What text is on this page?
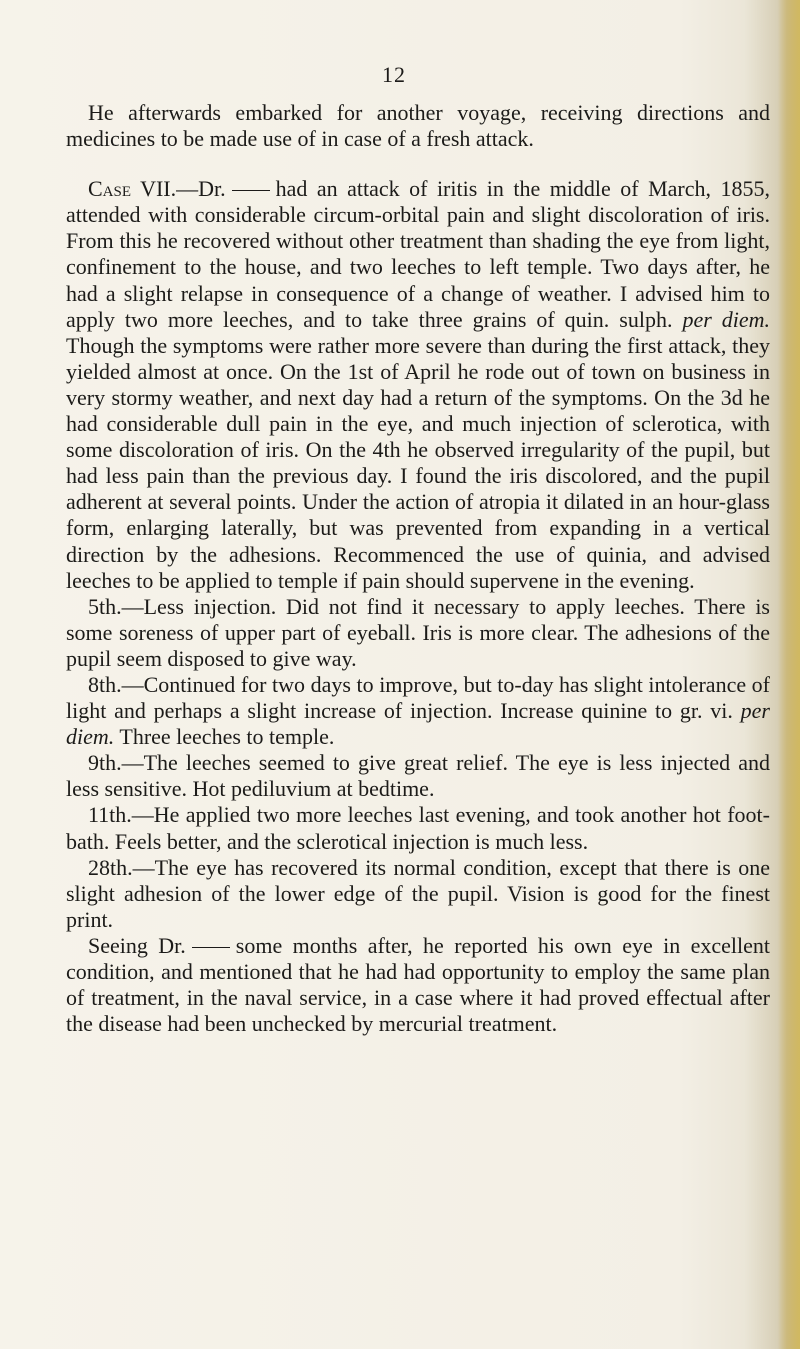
12

He afterwards embarked for another voyage, receiving directions and medicines to be made use of in case of a fresh attack.

Case VII.—Dr. had an attack of iritis in the middle of March, 1855, attended with considerable circum-orbital pain and slight discoloration of iris. From this he recovered without other treatment than shading the eye from light, confinement to the house, and two leeches to left temple. Two days after, he had a slight relapse in consequence of a change of weather. I advised him to apply two more leeches, and to take three grains of quin. sulph. per diem. Though the symptoms were rather more severe than during the first attack, they yielded almost at once. On the 1st of April he rode out of town on business in very stormy weather, and next day had a return of the symptoms. On the 3d he had considerable dull pain in the eye, and much injection of sclerotica, with some discoloration of iris. On the 4th he observed irregularity of the pupil, but had less pain than the previous day. I found the iris discolored, and the pupil adherent at several points. Under the action of atropia it dilated in an hour-glass form, enlarging laterally, but was prevented from expanding in a vertical direction by the adhesions. Recommenced the use of quinia, and advised leeches to be applied to temple if pain should supervene in the evening.

5th.—Less injection. Did not find it necessary to apply leeches. There is some soreness of upper part of eyeball. Iris is more clear. The adhesions of the pupil seem disposed to give way.

8th.—Continued for two days to improve, but to-day has slight intolerance of light and perhaps a slight increase of injection. Increase quinine to gr. vi. per diem. Three leeches to temple.

9th.—The leeches seemed to give great relief. The eye is less injected and less sensitive. Hot pediluvium at bedtime.

11th.—He applied two more leeches last evening, and took another hot foot-bath. Feels better, and the sclerotical injection is much less.

28th.—The eye has recovered its normal condition, except that there is one slight adhesion of the lower edge of the pupil. Vision is good for the finest print.

Seeing Dr. some months after, he reported his own eye in excellent condition, and mentioned that he had had opportunity to employ the same plan of treatment, in the naval service, in a case where it had proved effectual after the disease had been unchecked by mercurial treatment.
